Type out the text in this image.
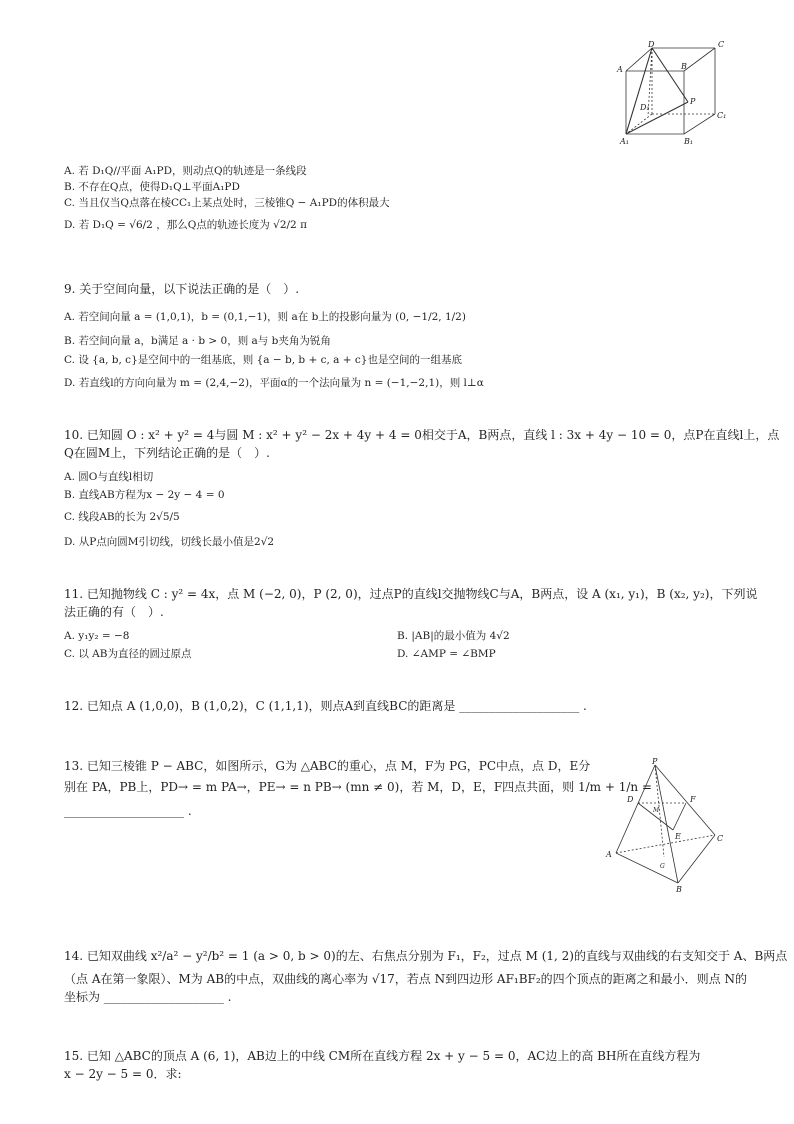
D	C
A	B
D₁
P
C₁
A₁	B₁
A. 若 D₁Q//平面 A₁PD，则动点Q的轨迹是一条线段
B. 不存在Q点，使得D₁Q⊥平面A₁PD
C. 当且仅当Q点落在棱CC₁上某点处时，三棱锥Q − A₁PD的体积最大
D. 若 D₁Q = √6/2 ，那么Q点的轨迹长度为 √2/2 π
9. 关于空间向量，以下说法正确的是（　）.
A. 若空间向量 a = (1,0,1)，b = (0,1,−1)，则 a在 b上的投影向量为 (0, −1/2, 1/2)
B. 若空间向量 a，b满足 a · b > 0，则 a与 b夹角为锐角
C. 设 {a, b, c}是空间中的一组基底，则 {a − b, b + c, a + c}也是空间的一组基底
D. 若直线l的方向向量为 m = (2,4,−2)，平面α的一个法向量为 n = (−1,−2,1)，则 l⊥α
10. 已知圆 O : x² + y² = 4与圆 M : x² + y² − 2x + 4y + 4 = 0相交于A，B两点，直线 l : 3x + 4y − 10 = 0，点P在直线l上，点
Q在圆M上，下列结论正确的是（　）.
A. 圆O与直线l相切
B. 直线AB方程为x − 2y − 4 = 0
C. 线段AB的长为 2√5/5
D. 从P点向圆M引切线，切线长最小值是2√2
11. 已知抛物线 C : y² = 4x，点 M (−2, 0)，P (2, 0)，过点P的直线l交抛物线C与A，B两点，设 A (x₁, y₁)，B (x₂, y₂)，下列说
法正确的有（　）.
A. y₁y₂ = −8	B. |AB|的最小值为 4√2
C. 以 AB为直径的圆过原点	D. ∠AMP = ∠BMP
12. 已知点 A (1,0,0)，B (1,0,2)，C (1,1,1)，则点A到直线BC的距离是 ____________________ .
13. 已知三棱锥 P − ABC，如图所示，G为 △ABC的重心，点 M，F为 PG，PC中点，点 D，E分
别在 PA，PB上，PD→ = m PA→，PE→ = n PB→ (mn ≠ 0)，若 M，D，E，F四点共面，则 1/m + 1/n =
____________________ .
P
D	F
M
E	C
A
G
B
14. 已知双曲线 x²/a² − y²/b² = 1 (a > 0, b > 0)的左、右焦点分别为 F₁，F₂，过点 M (1, 2)的直线与双曲线的右支知交于 A、B两点
（点 A在第一象限）、M为 AB的中点，双曲线的离心率为 √17，若点 N到四边形 AF₁BF₂的四个顶点的距离之和最小．则点 N的
坐标为 ____________________ .
15. 已知 △ABC的顶点 A (6, 1)，AB边上的中线 CM所在直线方程 2x + y − 5 = 0，AC边上的高 BH所在直线方程为
x − 2y − 5 = 0．求:
